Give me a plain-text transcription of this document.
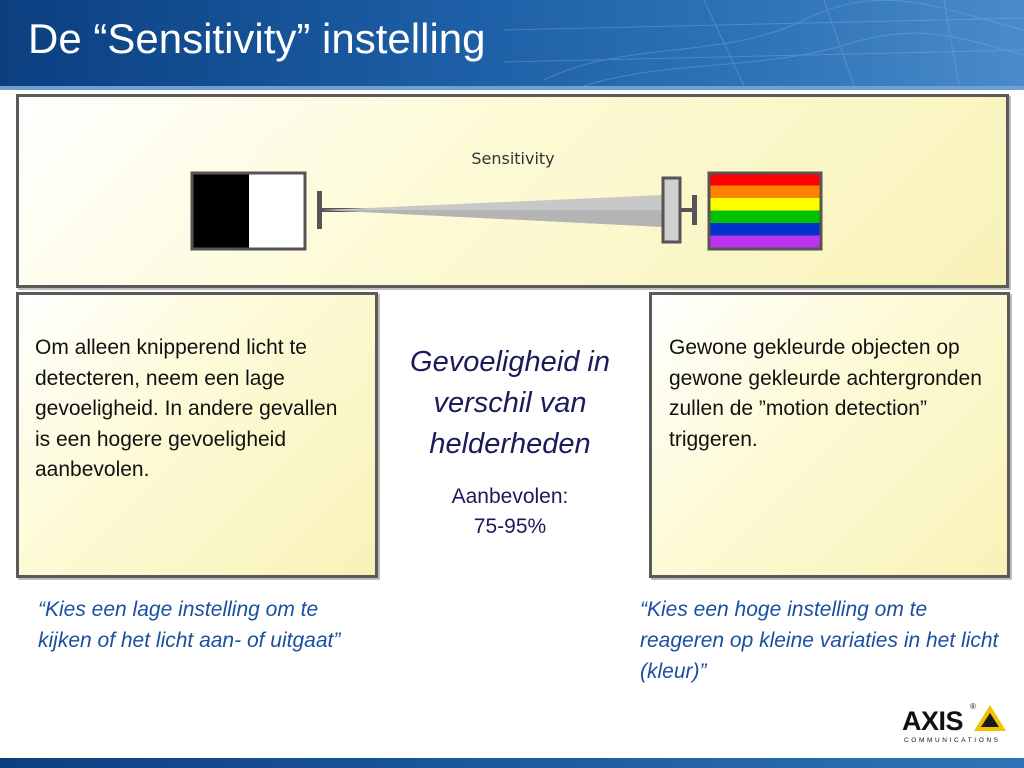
De “Sensitivity” instelling
Sensitivity
Om alleen knipperend licht te detecteren, neem een lage gevoeligheid. In andere gevallen is een hogere gevoeligheid aanbevolen.
Gevoeligheid in verschil van helderheden
Aanbevolen:
75-95%
Gewone gekleurde objecten op gewone gekleurde achtergronden zullen de ”motion detection” triggeren.
“Kies een lage instelling om te kijken of het licht aan- of uitgaat”
“Kies een hoge instelling om te reageren op kleine variaties in het licht (kleur)”
AXIS ®
COMMUNICATIONS
